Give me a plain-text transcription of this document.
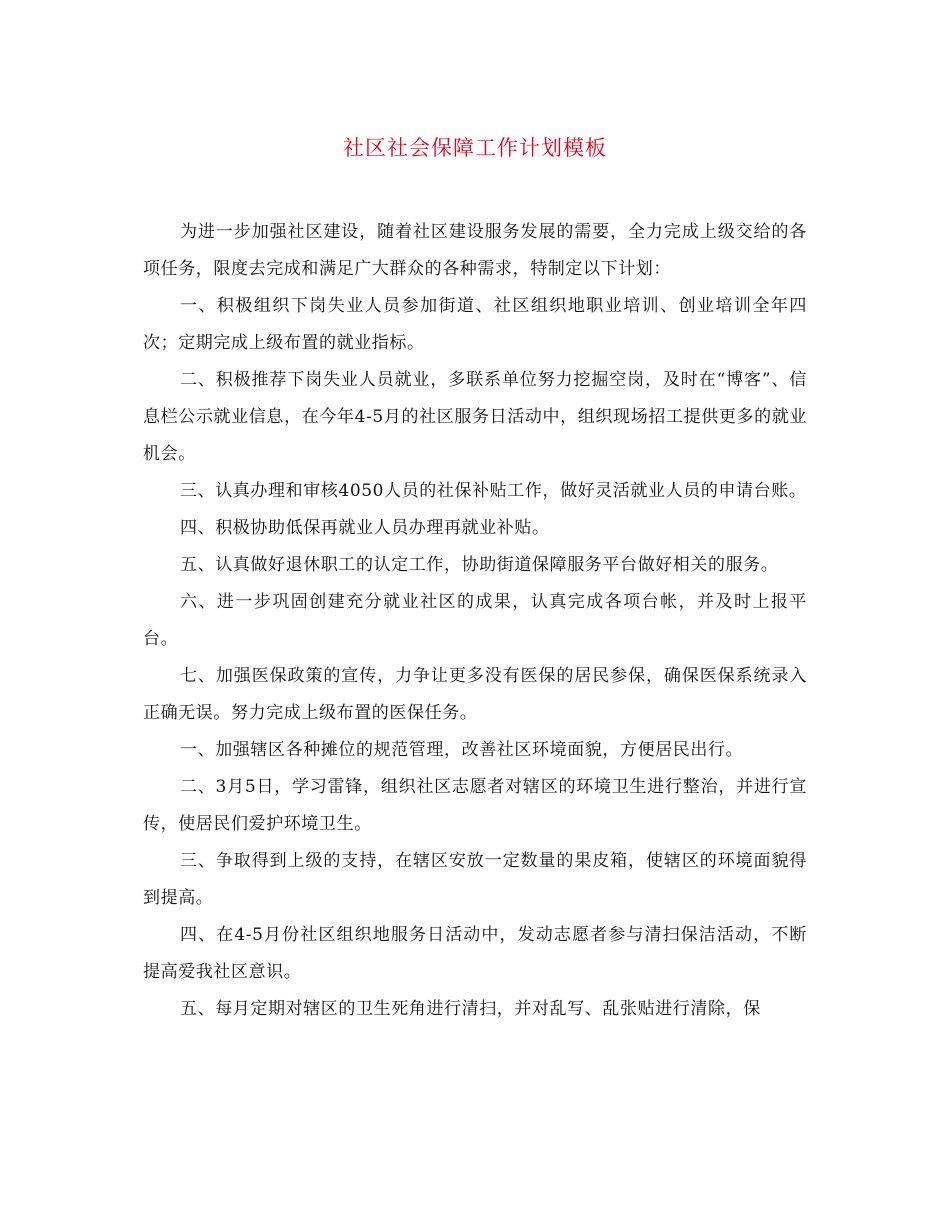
社区社会保障工作计划模板

为进一步加强社区建设，随着社区建设服务发展的需要，全力完成上级交给的各项任务，限度去完成和满足广大群众的各种需求，特制定以下计划：

一、积极组织下岗失业人员参加街道、社区组织地职业培训、创业培训全年四次；定期完成上级布置的就业指标。

二、积极推荐下岗失业人员就业，多联系单位努力挖掘空岗，及时在“博客”、信息栏公示就业信息，在今年4-5月的社区服务日活动中，组织现场招工提供更多的就业机会。

三、认真办理和审核4050人员的社保补贴工作，做好灵活就业人员的申请台账。

四、积极协助低保再就业人员办理再就业补贴。

五、认真做好退休职工的认定工作，协助街道保障服务平台做好相关的服务。

六、进一步巩固创建充分就业社区的成果，认真完成各项台帐，并及时上报平台。

七、加强医保政策的宣传，力争让更多没有医保的居民参保，确保医保系统录入正确无误。努力完成上级布置的医保任务。

一、加强辖区各种摊位的规范管理，改善社区环境面貌，方便居民出行。

二、3月5日，学习雷锋，组织社区志愿者对辖区的环境卫生进行整治，并进行宣传，使居民们爱护环境卫生。

三、争取得到上级的支持，在辖区安放一定数量的果皮箱，使辖区的环境面貌得到提高。

四、在4-5月份社区组织地服务日活动中，发动志愿者参与清扫保洁活动，不断提高爱我社区意识。

五、每月定期对辖区的卫生死角进行清扫，并对乱写、乱张贴进行清除，保
